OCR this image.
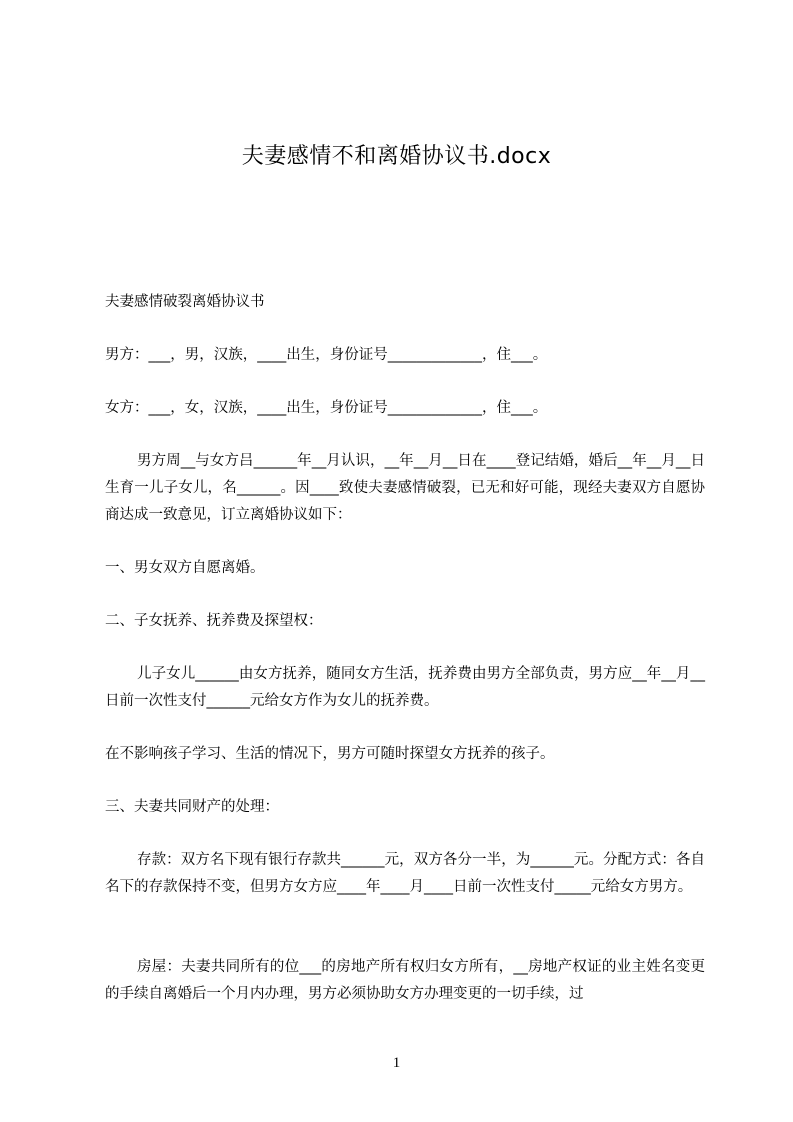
夫妻感情不和离婚协议书.docx

夫妻感情破裂离婚协议书

男方：___，男，汉族，____出生，身份证号_____________，住___。

女方：___，女，汉族，____出生，身份证号_____________，住___。

男方周__与女方吕______年__月认识，__年__月__日在____登记结婚，婚后__年__月__日生育一儿子女儿，名______。因____致使夫妻感情破裂，已无和好可能，现经夫妻双方自愿协商达成一致意见，订立离婚协议如下：

一、男女双方自愿离婚。

二、子女抚养、抚养费及探望权：

儿子女儿______由女方抚养，随同女方生活，抚养费由男方全部负责，男方应__年__月__日前一次性支付______元给女方作为女儿的抚养费。

在不影响孩子学习、生活的情况下，男方可随时探望女方抚养的孩子。

三、夫妻共同财产的处理：

存款：双方名下现有银行存款共______元，双方各分一半，为______元。分配方式：各自名下的存款保持不变，但男方女方应____年____月____日前一次性支付_____元给女方男方。

房屋：夫妻共同所有的位___的房地产所有权归女方所有，__房地产权证的业主姓名变更的手续自离婚后一个月内办理，男方必须协助女方办理变更的一切手续，过

1
